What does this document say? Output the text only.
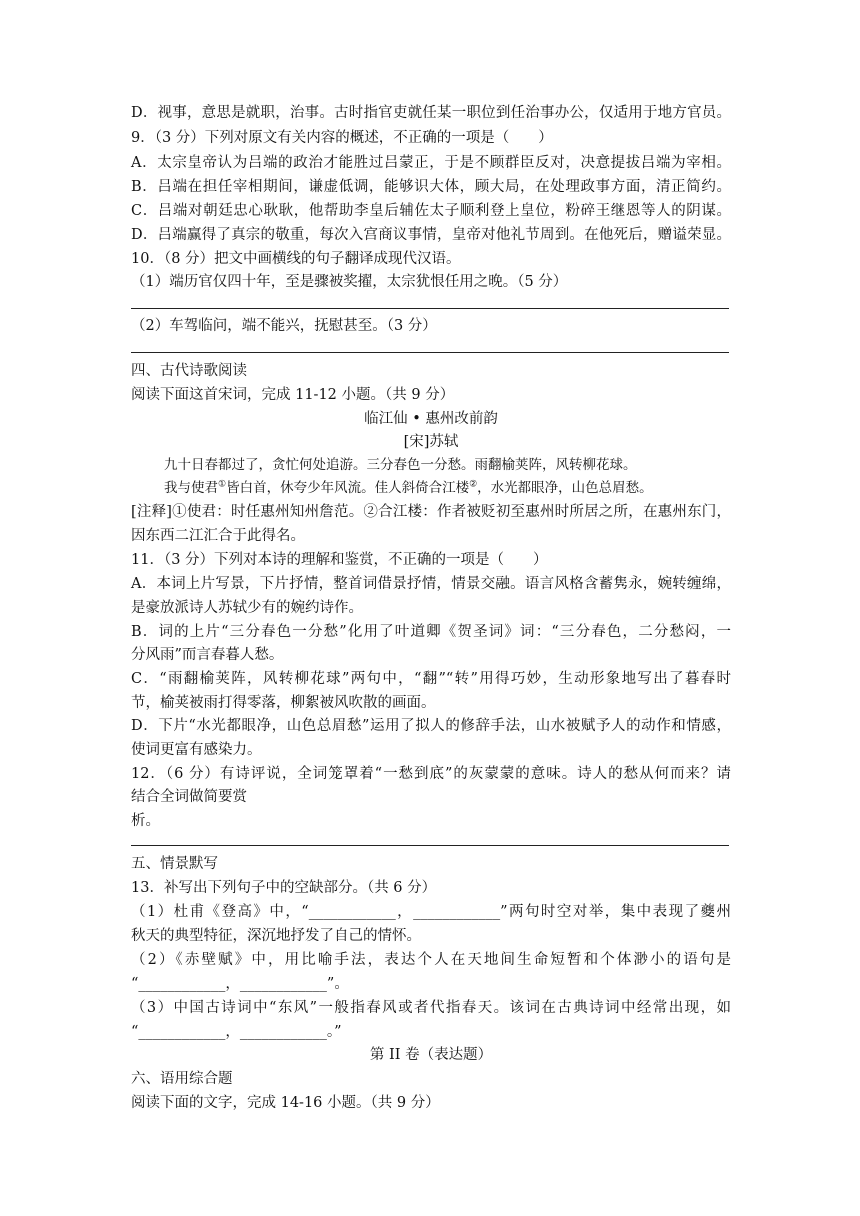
D．视事，意思是就职，治事。古时指官吏就任某一职位到任治事办公，仅适用于地方官员。
9．（3 分）下列对原文有关内容的概述，不正确的一项是（　　）
A．太宗皇帝认为吕端的政治才能胜过吕蒙正，于是不顾群臣反对，决意提拔吕端为宰相。
B．吕端在担任宰相期间，谦虚低调，能够识大体，顾大局，在处理政事方面，清正简约。
C．吕端对朝廷忠心耿耿，他帮助李皇后辅佐太子顺利登上皇位，粉碎王继恩等人的阴谋。
D．吕端赢得了真宗的敬重，每次入宫商议事情，皇帝对他礼节周到。在他死后，赠谥荣显。
10．（8 分）把文中画横线的句子翻译成现代汉语。
（1）端历官仅四十年，至是骤被奖擢，太宗犹恨任用之晚。（5 分）
（2）车驾临问，端不能兴，抚慰甚至。（3 分）
四、古代诗歌阅读
阅读下面这首宋词，完成 11-12 小题。（共 9 分）
临江仙 • 惠州改前韵
[宋]苏轼
九十日春都过了，贪忙何处追游。三分春色一分愁。雨翻榆荚阵，风转柳花球。
我与使君①皆白首，休夸少年风流。佳人斜倚合江楼②，水光都眼净，山色总眉愁。
[注释]①使君：时任惠州知州詹范。②合江楼：作者被贬初至惠州时所居之所，在惠州东门，
因东西二江汇合于此得名。
11．（3 分）下列对本诗的理解和鉴赏，不正确的一项是（　　）
A．本词上片写景，下片抒情，整首词借景抒情，情景交融。语言风格含蓄隽永，婉转缠绵，
是豪放派诗人苏轼少有的婉约诗作。
B．词的上片“三分春色一分愁”化用了叶道卿《贺圣词》词：“三分春色，二分愁闷，一
分风雨”而言春暮人愁。
C．“雨翻榆荚阵，风转柳花球”两句中，“翻”“转”用得巧妙，生动形象地写出了暮春时
节，榆荚被雨打得零落，柳絮被风吹散的画面。
D．下片“水光都眼净，山色总眉愁”运用了拟人的修辞手法，山水被赋予人的动作和情感，
使词更富有感染力。
12．（6 分）有诗评说，全词笼罩着“一愁到底”的灰蒙蒙的意味。诗人的愁从何而来？请
结合全词做简要赏
析。
五、情景默写
13．补写出下列句子中的空缺部分。（共 6 分）
（1）杜甫《登高》中，“____________，____________”两句时空对举，集中表现了夔州
秋天的典型特征，深沉地抒发了自己的情怀。
（2）《赤壁赋》中，用比喻手法，表达个人在天地间生命短暂和个体渺小的语句是
“____________，____________”。
（3）中国古诗词中“东风”一般指春风或者代指春天。该词在古典诗词中经常出现，如
“____________，____________。”
第 II 卷（表达题）
六、语用综合题
阅读下面的文字，完成 14-16 小题。（共 9 分）
